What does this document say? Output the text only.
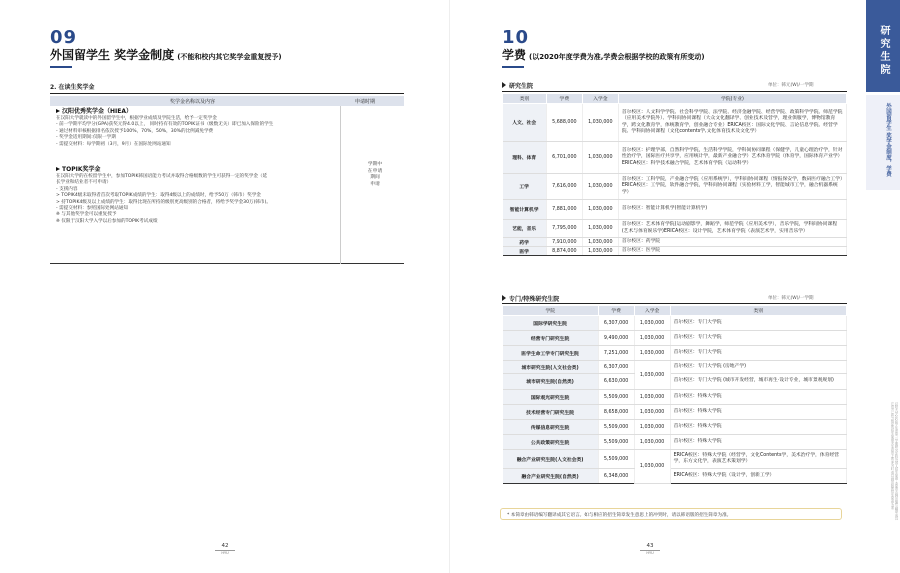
09
外国留学生 奖学金制度 (不能和校内其它奖学金重复授予)
2. 在读生奖学金
奖学金名称以及内容	申请时期
汉阳优秀奖学金（HIEA）
在汉阳大学就读中的外国留学生中，根据学业成绩及学院生活，给予一定奖学金
- 前一学期平均学分(GPA)获奖元得4.0以上， 同时持有有效的TOPIK证书（级数无关）即已加入保险的学生
- 通过材料审核根据排名依次授予100%，70%，50%，30%的比例减免学费
- 奖学金适用期间:仅限一学期
- 需提交材料：每学期初（3月，9月）在国际处网站通知
TOPIK奖学金
在汉阳大学的在校留学生中，参加TOPIK韩国语能力考试并取得合格级数的学生可获得一定的奖学金（延
长学业和结业者不可申请）
- 支援内容
> TOPIK4级未取得者首次考取TOPIK成绩的学生：取得4级以上的成绩时，给予50万（韩币）奖学金
> 持TOPIK4级及以上成绩的学生：取得比现在所持的级别更高级别的合格者，将给予奖学金30万(韩币)。
- 需提交材料：参照国际处网站通知
※ 与其他奖学金可以重复授予
※ 仅限于汉阳大学入学以后参加的TOPIK考试成绩
学期中
在申请
期间
申请
42
HYU
10
学费 (以2020年度学费为准,学费会根据学校的政策有所变动)
研究生院	单位：韩元(W)/一学期
类别	学费	入学金	学院(专业)
人文、社会	5,688,000	1,030,000	首尔校区：人文科学学院、社会科学学院、法学院、经济金融学院、经营学院、政策科学学院、师范学院（应用美术学院外）、学科间协同课程（大众文化翻译学、创业技术及营学，理业俱服学，博物馆教育学，跨文化教育学，体统教育学，创业融合专业）ERICA校区：国际文化学院、言论信息学院、经营学院、学科间协同课程（文化contents学,文化体育技术及文化学）
理科、体育	6,701,000	1,030,000	首尔校区：护理学部，自然科学学院，生活科学学院，学科间协同课程（保健学，儿童心理治疗学，针对性治疗学，国际医疗共享学，应用统计学，最新产业融合学）艺术体育学院（体育学，国际体育产业学）ERICA校区：科学技术融合学院，艺术体育学院（运动科学）
工学	7,616,000	1,030,000	首尔校区：工科学院，产业融合学院（应用系统学），学科间协同课程（情报保安学，数码医疗融合工学）ERICA校区：工学院，软件融合学院，学科间协同课程（实验材料工学，智能城市工学，融合机器系统学）
智能计算机学	7,881,000	1,030,000	首尔校区：智能计算机学(智能计算机学)
艺能，音乐	7,795,000	1,030,000	首尔校区：艺术体育学院(运动剧影学，舞蹈学，师范学院（应用美术学），音乐学院，学科间协同课程(艺术与体育娱乐学)ERICA校区：设计学院，艺术体育学院（表演艺术学，实用音乐学）
药学	7,910,000	1,030,000	首尔校区：药学院
医学	8,874,000	1,030,000	首尔校区：医学院
专门/特殊研究生院	单位：韩元(W)/一学期
学院	学费	入学金	类别
国际学研究生院	6,307,000	1,030,000	首尔校区：专门大学院
经营专门研究生院	9,490,000	1,030,000	首尔校区：专门大学院
医学生命工学专门研究生院	7,251,000	1,030,000	首尔校区：专门大学院
城市研究生院(人文社会类)	6,307,000	1,030,000	首尔校区：专门大学院 (房地产学)
城市研究生院(自然类)	6,630,000		首尔校区：专门大学院 (城市开发经营，城市再生·设计专业，城市景观规划)
国际观光研究生院	5,509,000	1,030,000	首尔校区：特殊大学院
技术经营专门研究生院	8,658,000	1,030,000	首尔校区：特殊大学院
传媒信息研究生院	5,509,000	1,030,000	首尔校区：特殊大学院
公共政策研究生院	5,509,000	1,030,000	首尔校区：特殊大学院
融合产业研究生院(人文社会类)	5,509,000	1,030,000	ERICA校区：特殊大学院（经营学，文化Contents学，美术治疗学，体育经营学，东方文化学，表演艺术策划学）
融合产业研究生院(自然类)	6,348,000		ERICA校区：特殊大学院（设计学，创新工学）
* 本简章由韩语编写翻译成其它语言。如与相应的招生简章发生意思上的冲突时，请以韩语版的招生简章为准。
43
HYU
研究生院
外国留学生 奖学金制度，学费
汉阳大学2020学年度第一学期研究生院外国人招生简章 本简章由韩语编写翻译成其它语言 如与相应的招生简章发生意思上的冲突时 请以韩语版的招生简章为准
